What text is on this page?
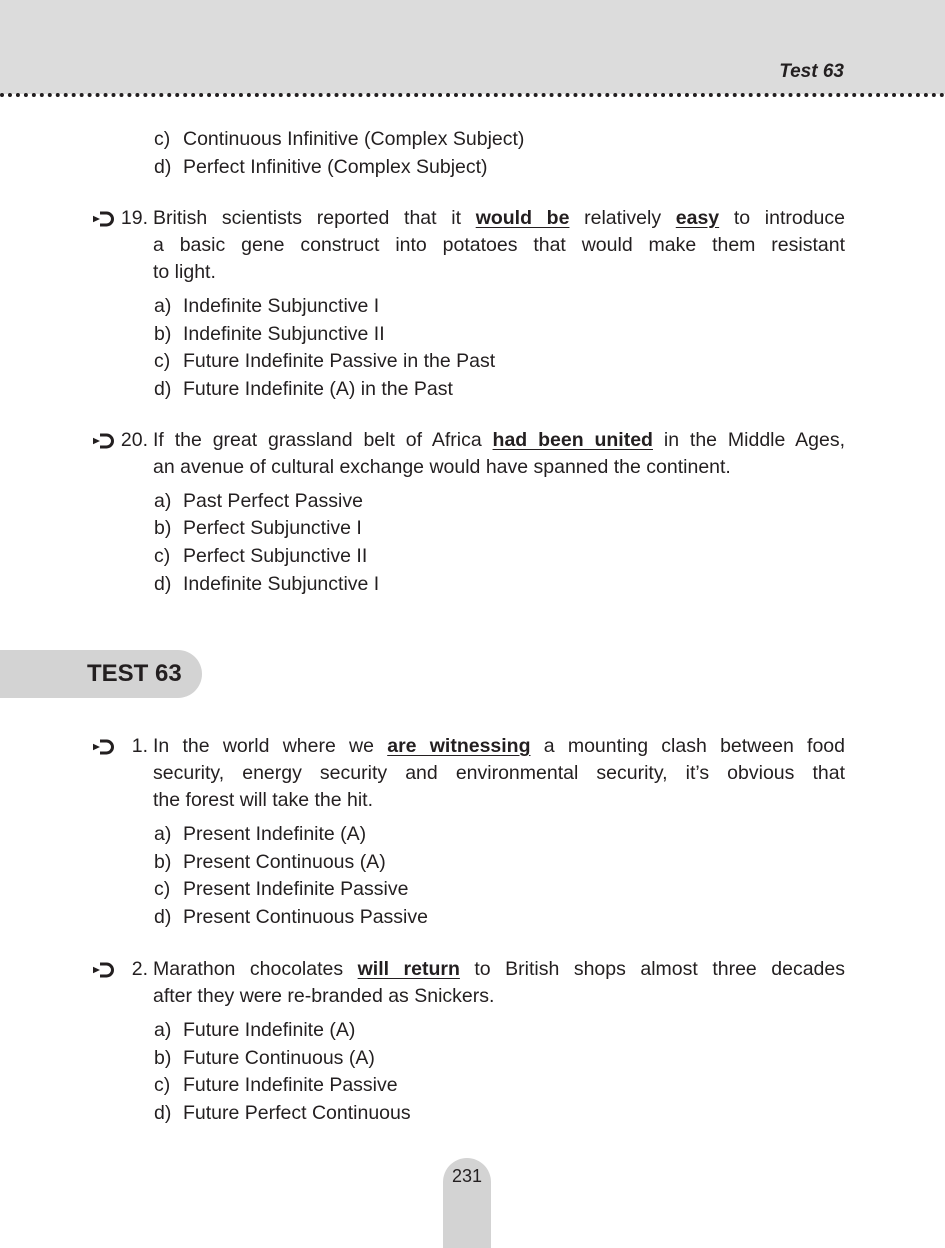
Test 63
c) Continuous Infinitive (Complex Subject)
d) Perfect Infinitive (Complex Subject)
19. British scientists reported that it would be relatively easy to introduce
a basic gene construct into potatoes that would make them resistant
to light.
a) Indefinite Subjunctive I
b) Indefinite Subjunctive II
c) Future Indefinite Passive in the Past
d) Future Indefinite (A) in the Past
20. If the great grassland belt of Africa had been united in the Middle Ages,
an avenue of cultural exchange would have spanned the continent.
a) Past Perfect Passive
b) Perfect Subjunctive I
c) Perfect Subjunctive II
d) Indefinite Subjunctive I
TEST 63
1. In the world where we are witnessing a mounting clash between food
security, energy security and environmental security, it’s obvious that
the forest will take the hit.
a) Present Indefinite (A)
b) Present Continuous (A)
c) Present Indefinite Passive
d) Present Continuous Passive
2. Marathon chocolates will return to British shops almost three decades
after they were re-branded as Snickers.
a) Future Indefinite (A)
b) Future Continuous (A)
c) Future Indefinite Passive
d) Future Perfect Continuous
231
